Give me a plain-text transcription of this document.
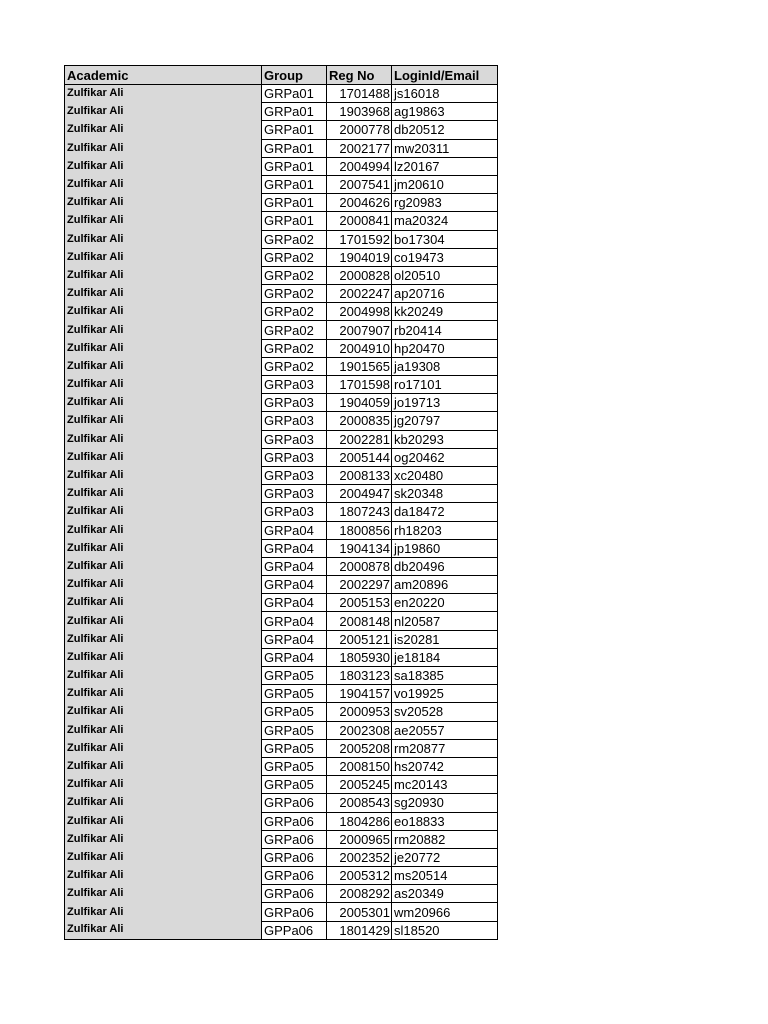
Academic	Group	Reg No	LoginId/Email
Zulfikar Ali	GRPa01	1701488	js16018
Zulfikar Ali	GRPa01	1903968	ag19863
Zulfikar Ali	GRPa01	2000778	db20512
Zulfikar Ali	GRPa01	2002177	mw20311
Zulfikar Ali	GRPa01	2004994	lz20167
Zulfikar Ali	GRPa01	2007541	jm20610
Zulfikar Ali	GRPa01	2004626	rg20983
Zulfikar Ali	GRPa01	2000841	ma20324
Zulfikar Ali	GRPa02	1701592	bo17304
Zulfikar Ali	GRPa02	1904019	co19473
Zulfikar Ali	GRPa02	2000828	ol20510
Zulfikar Ali	GRPa02	2002247	ap20716
Zulfikar Ali	GRPa02	2004998	kk20249
Zulfikar Ali	GRPa02	2007907	rb20414
Zulfikar Ali	GRPa02	2004910	hp20470
Zulfikar Ali	GRPa02	1901565	ja19308
Zulfikar Ali	GRPa03	1701598	ro17101
Zulfikar Ali	GRPa03	1904059	jo19713
Zulfikar Ali	GRPa03	2000835	jg20797
Zulfikar Ali	GRPa03	2002281	kb20293
Zulfikar Ali	GRPa03	2005144	og20462
Zulfikar Ali	GRPa03	2008133	xc20480
Zulfikar Ali	GRPa03	2004947	sk20348
Zulfikar Ali	GRPa03	1807243	da18472
Zulfikar Ali	GRPa04	1800856	rh18203
Zulfikar Ali	GRPa04	1904134	jp19860
Zulfikar Ali	GRPa04	2000878	db20496
Zulfikar Ali	GRPa04	2002297	am20896
Zulfikar Ali	GRPa04	2005153	en20220
Zulfikar Ali	GRPa04	2008148	nl20587
Zulfikar Ali	GRPa04	2005121	is20281
Zulfikar Ali	GRPa04	1805930	je18184
Zulfikar Ali	GRPa05	1803123	sa18385
Zulfikar Ali	GRPa05	1904157	vo19925
Zulfikar Ali	GRPa05	2000953	sv20528
Zulfikar Ali	GRPa05	2002308	ae20557
Zulfikar Ali	GRPa05	2005208	rm20877
Zulfikar Ali	GRPa05	2008150	hs20742
Zulfikar Ali	GRPa05	2005245	mc20143
Zulfikar Ali	GRPa06	2008543	sg20930
Zulfikar Ali	GRPa06	1804286	eo18833
Zulfikar Ali	GRPa06	2000965	rm20882
Zulfikar Ali	GRPa06	2002352	je20772
Zulfikar Ali	GRPa06	2005312	ms20514
Zulfikar Ali	GRPa06	2008292	as20349
Zulfikar Ali	GRPa06	2005301	wm20966
Zulfikar Ali	GPPa06	1801429	sl18520
